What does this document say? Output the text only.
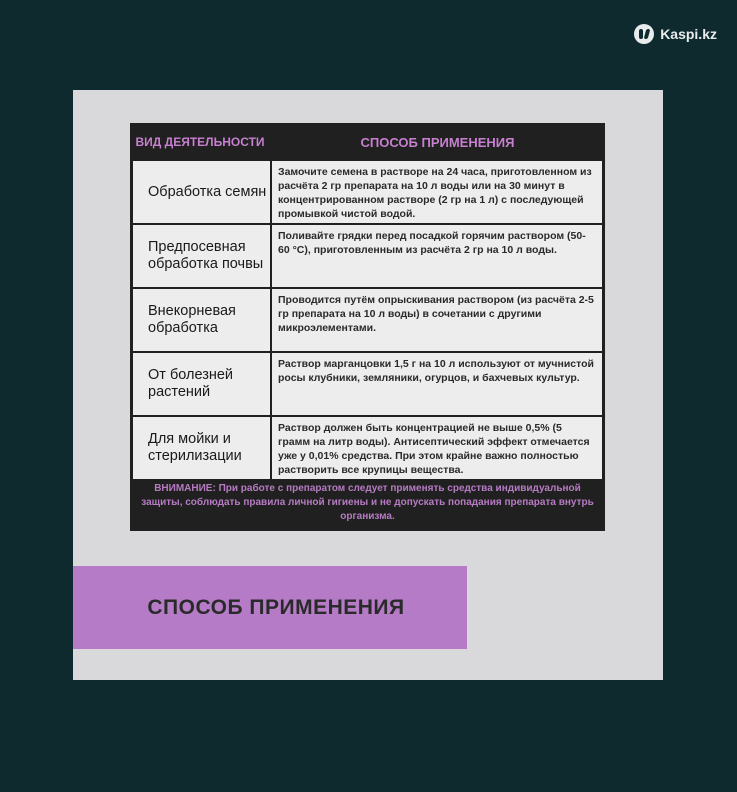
Kaspi.kz
ВИД ДЕЯТЕЛЬНОСТИ	СПОСОБ ПРИМЕНЕНИЯ
Обработка семян
Замочите семена в растворе на 24 часа, приготовленном из расчёта 2 гр препарата на 10 л воды или на 30 минут в концентрированном растворе (2 гр на 1 л) с последующей промывкой чистой водой.
Предпосевная обработка почвы
Поливайте грядки перед посадкой горячим раствором (50-60 °С), приготовленным из расчёта 2 гр на 10 л воды.
Внекорневая обработка
Проводится путём опрыскивания раствором (из расчёта 2-5 гр препарата на 10 л воды) в сочетании с другими микроэлементами.
От болезней растений
Раствор марганцовки 1,5 г на 10 л используют от мучнистой росы клубники, земляники, огурцов, и бахчевых культур.
Для мойки и стерилизации
Раствор должен быть концентрацией не выше 0,5% (5 грамм на литр воды). Антисептический эффект отмечается уже у 0,01% средства. При этом крайне важно полностью растворить все крупицы вещества.
ВНИМАНИЕ: При работе с препаратом следует применять средства индивидуальной защиты, соблюдать правила личной гигиены и не допускать попадания препарата внутрь организма.
СПОСОБ ПРИМЕНЕНИЯ
